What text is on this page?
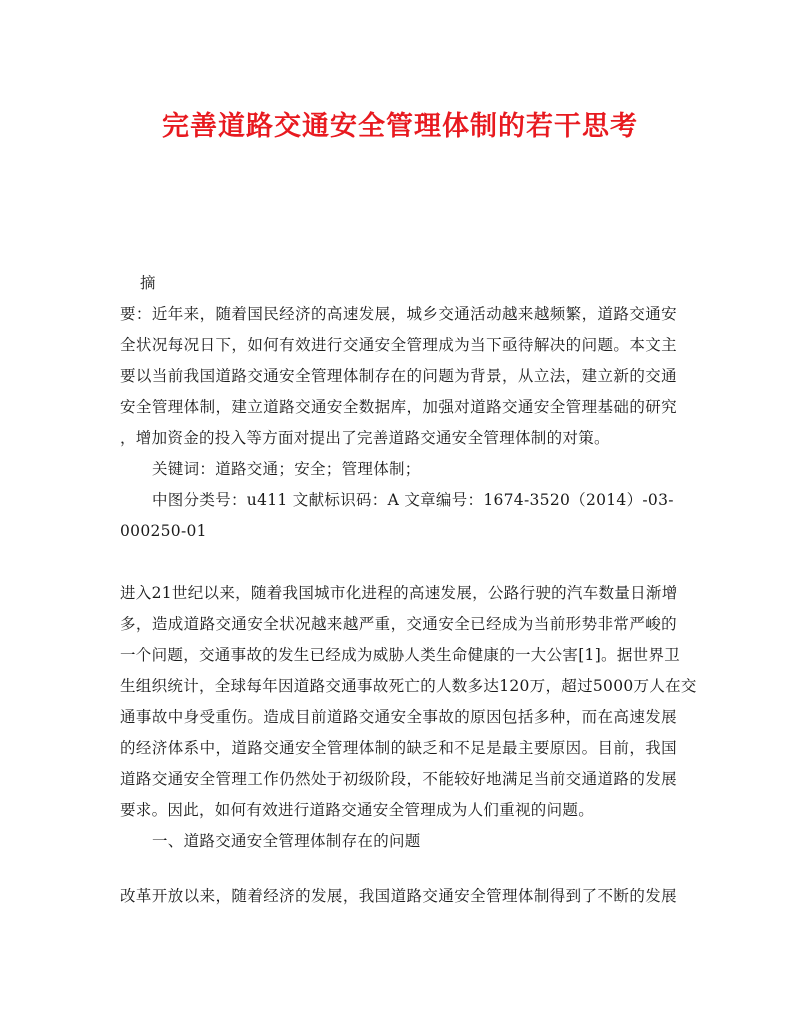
完善道路交通安全管理体制的若干思考
摘
要：近年来，随着国民经济的高速发展，城乡交通活动越来越频繁，道路交通安
全状况每况日下，如何有效进行交通安全管理成为当下亟待解决的问题。本文主
要以当前我国道路交通安全管理体制存在的问题为背景，从立法，建立新的交通
安全管理体制，建立道路交通安全数据库，加强对道路交通安全管理基础的研究
，增加资金的投入等方面对提出了完善道路交通安全管理体制的对策。
关键词：道路交通；安全；管理体制；
中图分类号：u411 文献标识码：A 文章编号：1674-3520（2014）-03-
000250-01
进入21世纪以来，随着我国城市化进程的高速发展，公路行驶的汽车数量日渐增
多，造成道路交通安全状况越来越严重，交通安全已经成为当前形势非常严峻的
一个问题，交通事故的发生已经成为威胁人类生命健康的一大公害[1]。据世界卫
生组织统计，全球每年因道路交通事故死亡的人数多达120万，超过5000万人在交
通事故中身受重伤。造成目前道路交通安全事故的原因包括多种，而在高速发展
的经济体系中，道路交通安全管理体制的缺乏和不足是最主要原因。目前，我国
道路交通安全管理工作仍然处于初级阶段，不能较好地满足当前交通道路的发展
要求。因此，如何有效进行道路交通安全管理成为人们重视的问题。
一、道路交通安全管理体制存在的问题
改革开放以来，随着经济的发展，我国道路交通安全管理体制得到了不断的发展
